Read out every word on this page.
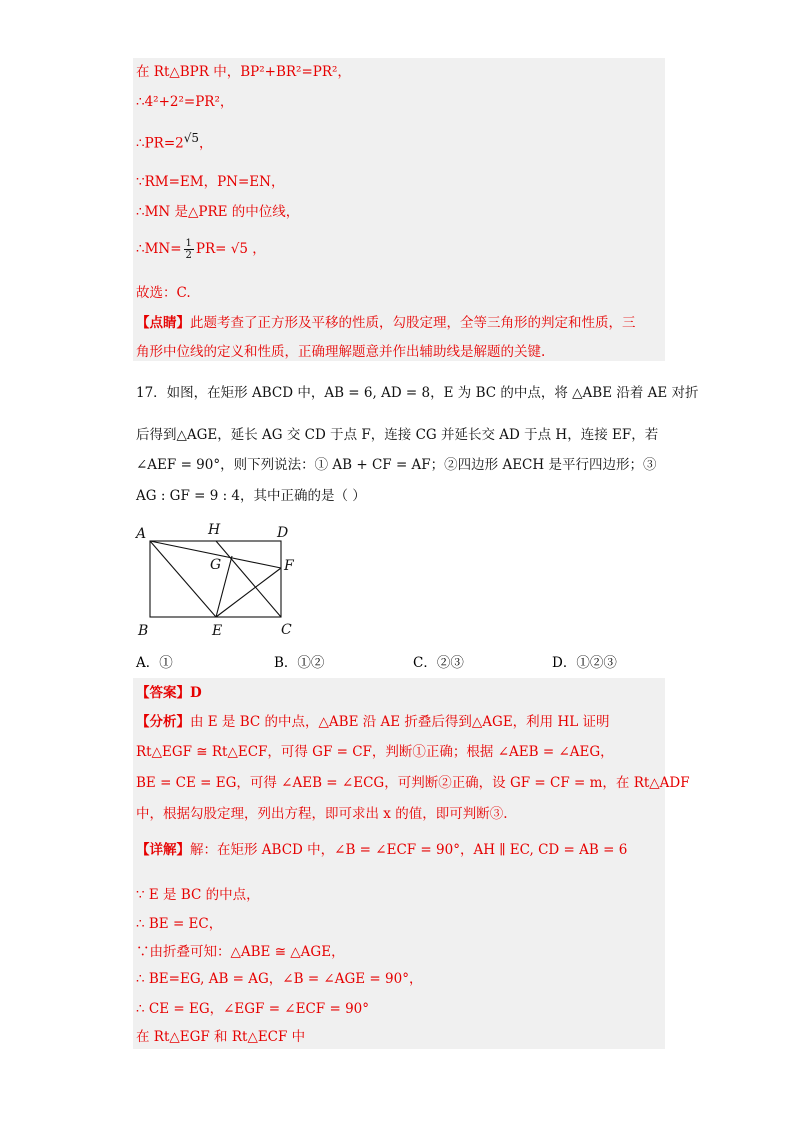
在 Rt△BPR 中，BP²+BR²=PR²，
∴4²+2²=PR²，
∴PR=2√5，
∵RM=EM，PN=EN，
∴MN 是△PRE 的中位线，
∴MN= $\frac{1}{2} PR= √5$ ，
故选：C.
【点睛】此题考查了正方形及平移的性质，勾股定理，全等三角形的判定和性质，三
角形中位线的定义和性质，正确理解题意并作出辅助线是解题的关键.
17．如图，在矩形 ABCD 中，AB = 6, AD = 8，E 为 BC 的中点，将 △ABE 沿着 AE 对折
后得到△AGE，延长 AG 交 CD 于点 F，连接 CG 并延长交 AD 于点 H，连接 EF，若
∠AEF = 90°，则下列说法：① AB + CF = AF；②四边形 AECH 是平行四边形；③
AG : GF = 9 : 4，其中正确的是（ ）
A	H	D
G	F
B	E	C
A．①	B．①②	C．②③	D．①②③
【答案】D
【分析】由 E 是 BC 的中点，△ABE 沿 AE 折叠后得到△AGE，利用 HL 证明
Rt△EGF ≅ Rt△ECF，可得 GF = CF，判断①正确；根据 ∠AEB = ∠AEG，
BE = CE = EG，可得 ∠AEB = ∠ECG，可判断②正确，设 GF = CF = m，在 Rt△ADF
中，根据勾股定理，列出方程，即可求出 x 的值，即可判断③.
【详解】解：在矩形 ABCD 中，∠B = ∠ECF = 90°，AH ∥ EC, CD = AB = 6
∵ E 是 BC 的中点，
∴ BE = EC，
∵由折叠可知：△ABE ≅ △AGE，
∴ BE=EG, AB = AG，∠B = ∠AGE = 90°，
∴ CE = EG，∠EGF = ∠ECF = 90°
在 Rt△EGF 和 Rt△ECF 中
